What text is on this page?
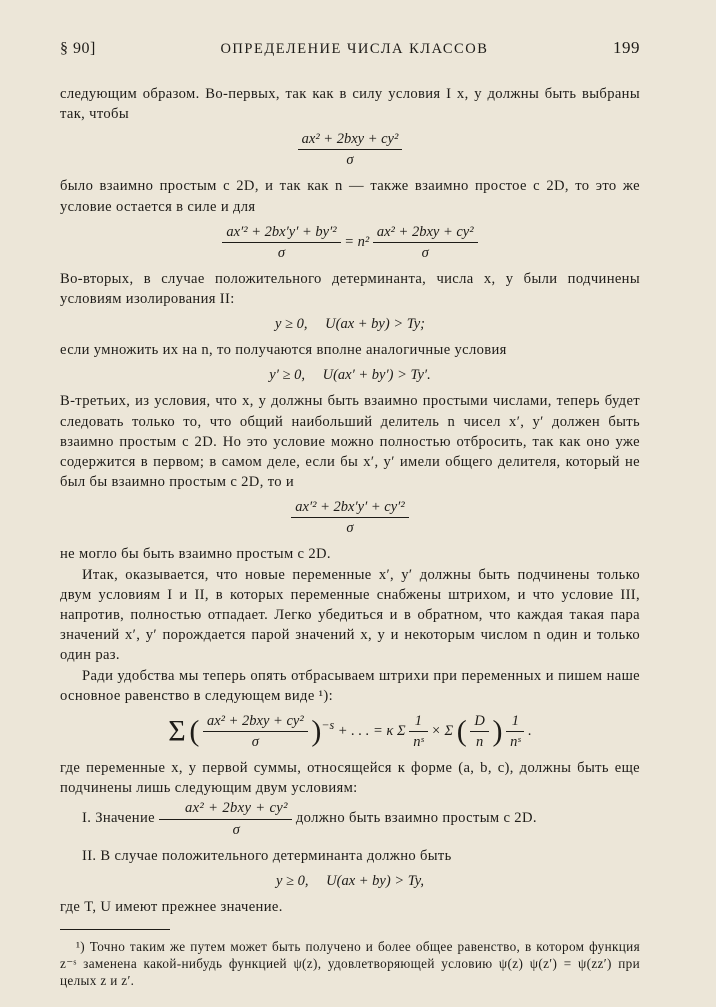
§ 90]	ОПРЕДЕЛЕНИЕ ЧИСЛА КЛАССОВ	199

следующим образом. Во-первых, так как в силу условия I x, y должны быть выбраны так, чтобы

$\frac{\text{ax² + 2bxy + cy²}}{\sigma}$

было взаимно простым с 2D, и так как n — также взаимно простое с 2D, то это же условие остается в силе и для

$\frac{\text{ax′² + 2bx′y′ + by′²}}{\sigma} = n^2 \frac{\text{ax² + 2bxy + cy²}}{\sigma}$

Во-вторых, в случае положительного детерминанта, числа x, y были подчинены условиям изолирования II:

y ≥ 0, U(ax + by) > Ty;

если умножить их на n, то получаются вполне аналогичные условия

y′ ≥ 0, U(ax′ + by′) > Ty′.

В-третьих, из условия, что x, y должны быть взаимно простыми числами, теперь будет следовать только то, что общий наибольший делитель n чисел x′, y′ должен быть взаимно простым с 2D. Но это условие можно полностью отбросить, так как оно уже содержится в первом; в самом деле, если бы x′, y′ имели общего делителя, который не был бы взаимно простым с 2D, то и

$\frac{\text{ax′² + 2bx′y′ + cy′²}}{\sigma}$

не могло бы быть взаимно простым с 2D.

Итак, оказывается, что новые переменные x′, y′ должны быть подчинены только двум условиям I и II, в которых переменные снабжены штрихом, и что условие III, напротив, полностью отпадает. Легко убедиться и в обратном, что каждая такая пара значений x′, y′ порождается парой значений x, y и некоторым числом n один и только один раз.

Ради удобства мы теперь опять отбрасываем штрихи при переменных и пишем наше основное равенство в следующем виде ¹):

Σ ( $\frac{\text{ax² + 2bxy + cy²}}{\sigma} )^{-s}$ + . . . = κ Σ $\frac{1}{\text{nˢ}} \times \Sigma$ ( $\frac{D}{n}$ ) $\frac{1}{\text{nˢ}}$ .

где переменные x, y первой суммы, относящейся к форме (a, b, c), должны быть еще подчинены лишь следующим двум условиям:

I. Значение $\frac{\text{ax² + 2bxy + cy²}}{\sigma}$ должно быть взаимно простым с 2D.

II. В случае положительного детерминанта должно быть

y ≥ 0, U(ax + by) > Ty,

где T, U имеют прежнее значение.

¹) Точно таким же путем может быть получено и более общее равенство, в котором функция z⁻ˢ заменена какой-нибудь функцией ψ(z), удовлетворяющей условию ψ(z) ψ(z′) = ψ(zz′) при целых z и z′.
